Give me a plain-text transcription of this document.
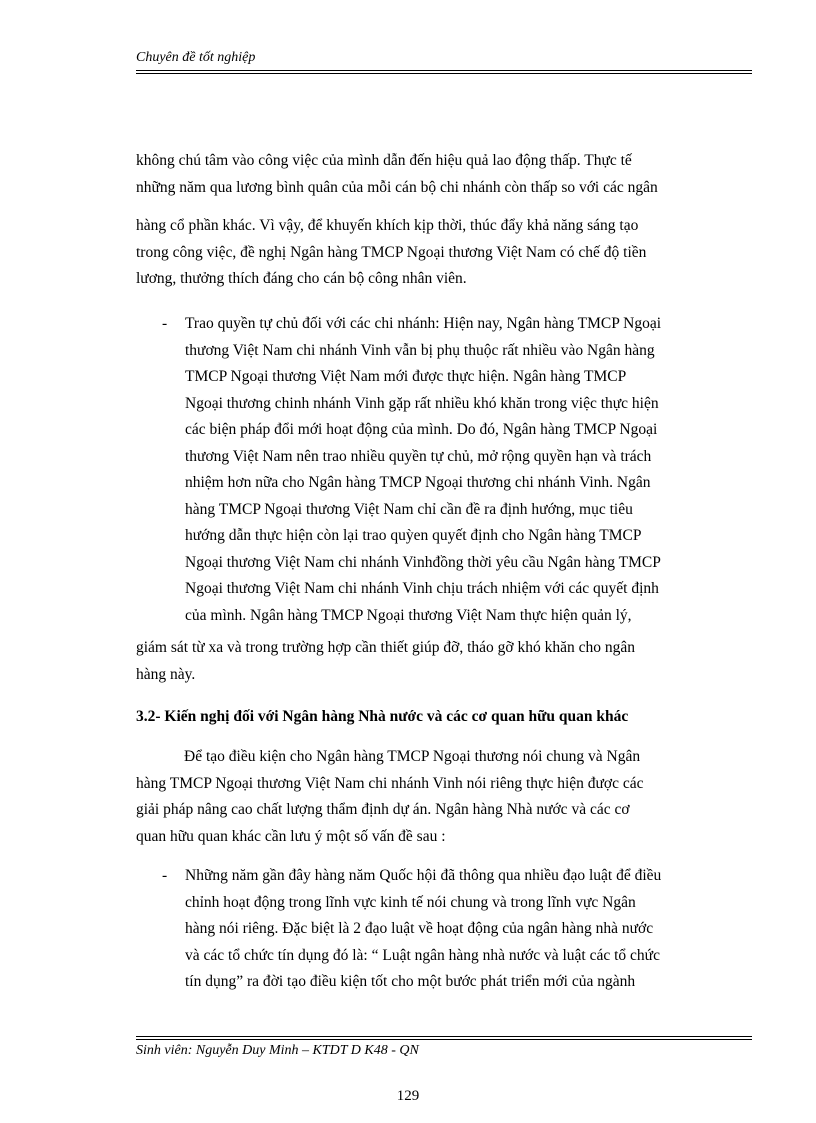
Chuyên đề tốt nghiệp
không chú tâm vào công việc của mình dẫn đến hiệu quả lao động thấp. Thực tế
những năm qua lương bình quân của mỗi cán bộ chi nhánh còn thấp so với các ngân
hàng cổ phần khác. Vì vậy, để khuyến khích kịp thời, thúc đẩy khả năng sáng tạo
trong công việc, đề nghị Ngân hàng TMCP Ngoại thương Việt Nam có chế độ tiền
lương, thưởng thích đáng cho cán bộ công nhân viên.
- Trao quyền tự chủ đối với các chi nhánh: Hiện nay, Ngân hàng TMCP Ngoại
thương Việt Nam chi nhánh Vinh vẫn bị phụ thuộc rất nhiều vào Ngân hàng
TMCP Ngoại thương Việt Nam mới được thực hiện. Ngân hàng TMCP
Ngoại thương chinh nhánh Vinh gặp rất nhiều khó khăn trong việc thực hiện
các biện pháp đổi mới hoạt động của mình. Do đó, Ngân hàng TMCP Ngoại
thương Việt Nam nên trao nhiều quyền tự chủ, mở rộng quyền hạn và trách
nhiệm hơn nữa cho Ngân hàng TMCP Ngoại thương chi nhánh Vinh. Ngân
hàng TMCP Ngoại thương Việt Nam chỉ cần đề ra định hướng, mục tiêu
hướng dẫn thực hiện còn lại trao quỳen quyết định cho Ngân hàng TMCP
Ngoại thương Việt Nam chi nhánh Vinhđồng thời yêu cầu Ngân hàng TMCP
Ngoại thương Việt Nam chi nhánh Vinh chịu trách nhiệm với các quyết định
của mình. Ngân hàng TMCP Ngoại thương Việt Nam thực hiện quản lý,
giám sát từ xa và trong trường hợp cần thiết giúp đỡ, tháo gỡ khó khăn cho ngân
hàng này.
3.2- Kiến nghị đối với Ngân hàng Nhà nước và các cơ quan hữu quan khác
Để tạo điều kiện cho Ngân hàng TMCP Ngoại thương nói chung và Ngân
hàng TMCP Ngoại thương Việt Nam chi nhánh Vinh nói riêng thực hiện được các
giải pháp nâng cao chất lượng thẩm định dự án. Ngân hàng Nhà nước và các cơ
quan hữu quan khác cần lưu ý một số vấn đề sau :
- Những năm gần đây hàng năm Quốc hội đã thông qua nhiều đạo luật để điều
chỉnh hoạt động trong lĩnh vực kinh tế nói chung và trong lĩnh vực Ngân
hàng nói riêng. Đặc biệt là 2 đạo luật về hoạt động của ngân hàng nhà nước
và các tổ chức tín dụng đó là: “ Luật ngân hàng nhà nước và luật các tổ chức
tín dụng” ra đời tạo điều kiện tốt cho một bước phát triển mới của ngành
Sinh viên: Nguyễn Duy Minh – KTDT D K48 - QN
129
